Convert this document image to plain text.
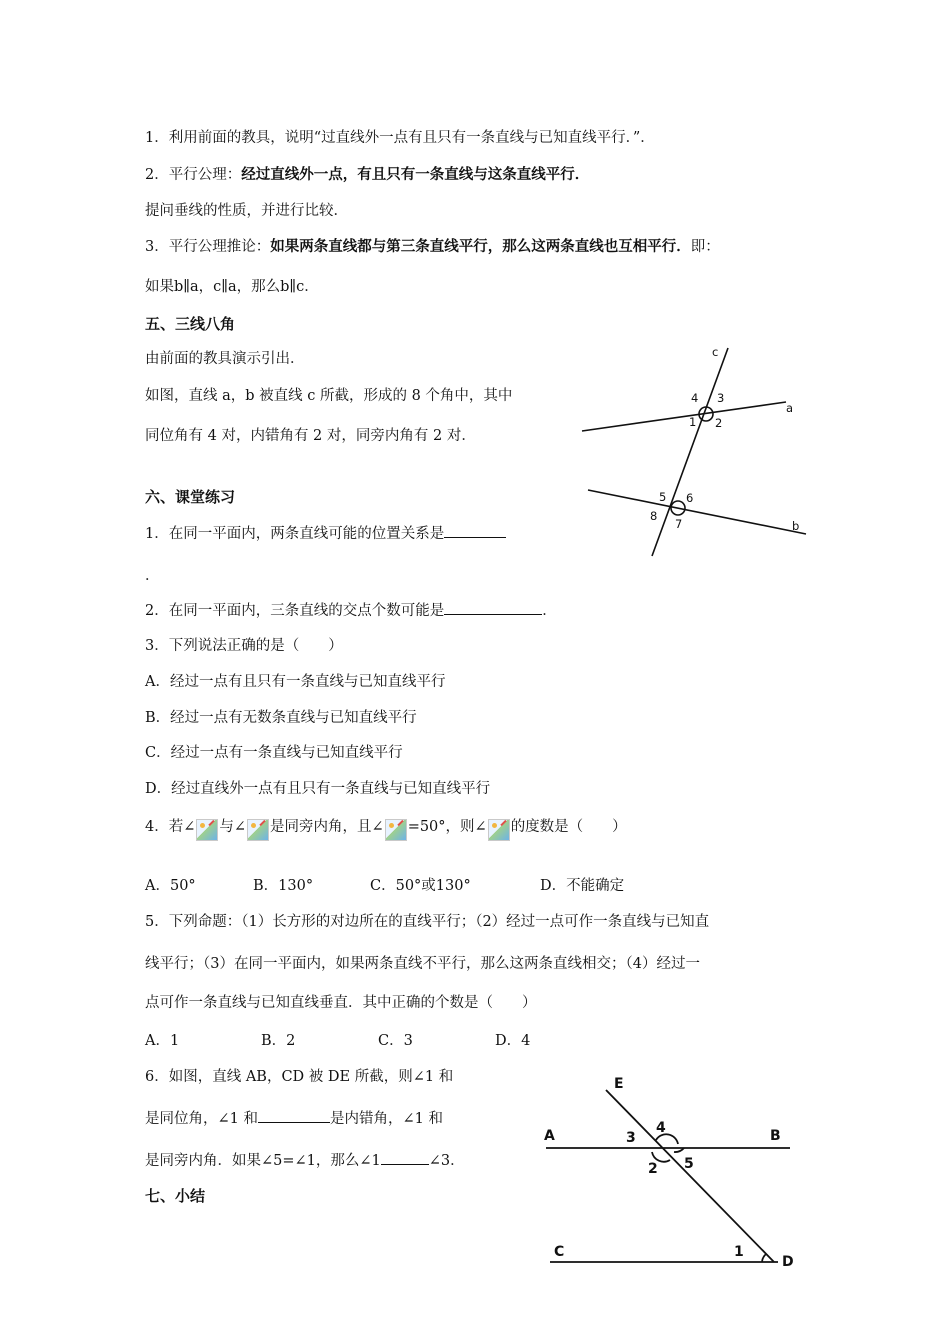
1．利用前面的教具，说明“过直线外一点有且只有一条直线与已知直线平行．”．
2．平行公理：经过直线外一点，有且只有一条直线与这条直线平行．
提问垂线的性质，并进行比较．
3．平行公理推论：如果两条直线都与第三条直线平行，那么这两条直线也互相平行．即：
如果b∥a，c∥a，那么b∥c．
五、三线八角
由前面的教具演示引出．
如图，直线 a，b 被直线 c 所截，形成的 8 个角中，其中
同位角有 4 对，内错角有 2 对，同旁内角有 2 对．
c
a
b
1 2
3
4
5 6
7
8
六、课堂练习
1．在同一平面内，两条直线可能的位置关系是
．
2．在同一平面内，三条直线的交点个数可能是	．
3．下列说法正确的是（　　）
A．经过一点有且只有一条直线与已知直线平行
B．经过一点有无数条直线与已知直线平行
C．经过一点有一条直线与已知直线平行
D．经过直线外一点有且只有一条直线与已知直线平行
4．若∠ 与∠ 是同旁内角，且∠ =50°，则∠ 的度数是（　　）
A．50°	B．130°	C．50°或130°	D．不能确定
5．下列命题：（1）长方形的对边所在的直线平行；（2）经过一点可作一条直线与已知直
线平行；（3）在同一平面内，如果两条直线不平行，那么这两条直线相交；（4）经过一
点可作一条直线与已知直线垂直．其中正确的个数是（　　）
A．1	B．2	C．3	D．4
6．如图，直线 AB，CD 被 DE 所截，则∠1 和
是同位角，∠1 和	是内错角，∠1 和
是同旁内角．如果∠5=∠1，那么∠1	∠3．
七、小结
E
A	B
C
D
1
2
3
4
5
